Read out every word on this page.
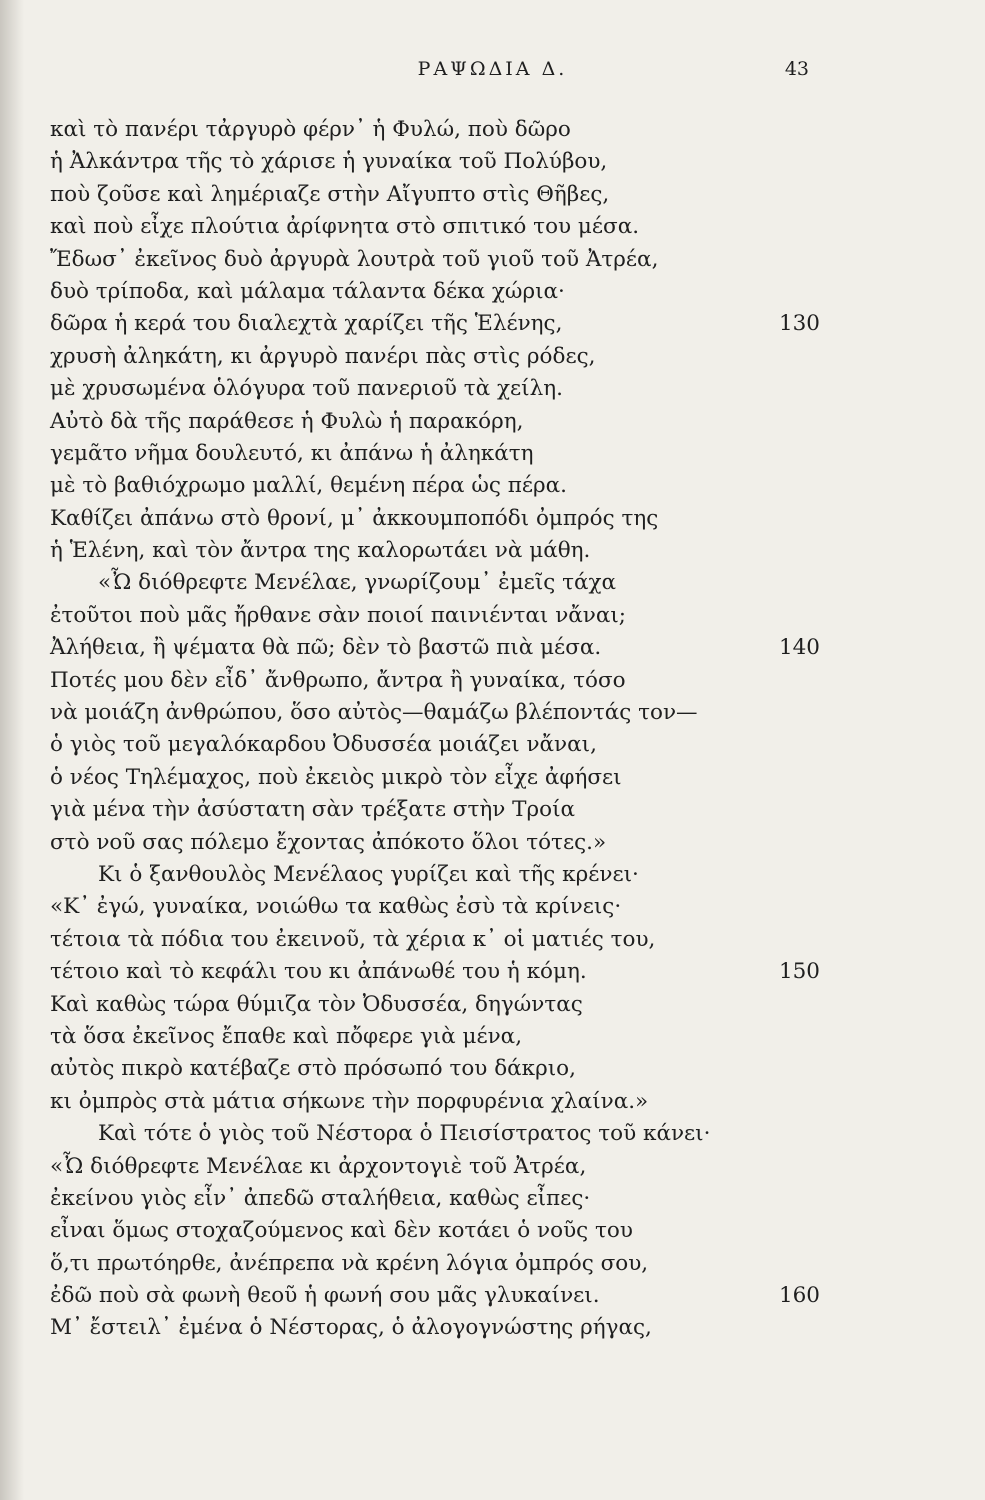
ΡΑΨΩΔΙΑ Δ.	43
καὶ τὸ πανέρι τἀργυρὸ φέρν᾽ ἡ Φυλώ, ποὺ δῶρο
ἡ Ἀλκάντρα τῆς τὸ χάρισε ἡ γυναίκα τοῦ Πολύβου,
ποὺ ζοῦσε καὶ λημέριαζε στὴν Αἴγυπτο στὶς Θῆβες,
καὶ ποὺ εἶχε πλούτια ἀρίφνητα στὸ σπιτικό του μέσα.
Ἔδωσ᾽ ἐκεῖνος δυὸ ἀργυρὰ λουτρὰ τοῦ γιοῦ τοῦ Ἀτρέα,
δυὸ τρίποδα, καὶ μάλαμα τάλαντα δέκα χώρια·
δῶρα ἡ κερά του διαλεχτὰ χαρίζει τῆς Ἑλένης,	130
χρυσὴ ἀληκάτη, κι ἀργυρὸ πανέρι πὰς στὶς ρόδες,
μὲ χρυσωμένα ὁλόγυρα τοῦ πανεριοῦ τὰ χείλη.
Αὐτὸ δὰ τῆς παράθεσε ἡ Φυλὼ ἡ παρακόρη,
γεμᾶτο νῆμα δουλευτό, κι ἀπάνω ἡ ἀληκάτη
μὲ τὸ βαθιόχρωμο μαλλί, θεμένη πέρα ὡς πέρα.
Καθίζει ἀπάνω στὸ θρονί, μ᾽ ἀκκουμποπόδι ὀμπρός της
ἡ Ἑλένη, καὶ τὸν ἄντρα της καλορωτάει νὰ μάθη.
«Ὦ διόθρεφτε Μενέλαε, γνωρίζουμ᾽ ἐμεῖς τάχα
ἐτοῦτοι ποὺ μᾶς ἤρθανε σὰν ποιοί παινιένται νἄναι;
Ἀλήθεια, ἢ ψέματα θὰ πῶ; δὲν τὸ βαστῶ πιὰ μέσα.	140
Ποτές μου δὲν εἶδ᾽ ἄνθρωπο, ἄντρα ἢ γυναίκα, τόσο
νὰ μοιάζη ἀνθρώπου, ὅσο αὐτὸς—θαμάζω βλέποντάς τον—
ὁ γιὸς τοῦ μεγαλόκαρδου Ὀδυσσέα μοιάζει νἄναι,
ὁ νέος Τηλέμαχος, ποὺ ἐκειὸς μικρὸ τὸν εἶχε ἀφήσει
γιὰ μένα τὴν ἀσύστατη σὰν τρέξατε στὴν Τροία
στὸ νοῦ σας πόλεμο ἔχοντας ἀπόκοτο ὅλοι τότες.»
Κι ὁ ξανθουλὸς Μενέλαος γυρίζει καὶ τῆς κρένει·
«Κ᾽ ἐγώ, γυναίκα, νοιώθω τα καθὼς ἐσὺ τὰ κρίνεις·
τέτοια τὰ πόδια του ἐκεινοῦ, τὰ χέρια κ᾽ οἱ ματιές του,
τέτοιο καὶ τὸ κεφάλι του κι ἀπάνωθέ του ἡ κόμη.	150
Καὶ καθὼς τώρα θύμιζα τὸν Ὀδυσσέα, δηγώντας
τὰ ὅσα ἐκεῖνος ἔπαθε καὶ πὄφερε γιὰ μένα,
αὐτὸς πικρὸ κατέβαζε στὸ πρόσωπό του δάκριο,
κι ὀμπρὸς στὰ μάτια σήκωνε τὴν πορφυρένια χλαίνα.»
Καὶ τότε ὁ γιὸς τοῦ Νέστορα ὁ Πεισίστρατος τοῦ κάνει·
«Ὦ διόθρεφτε Μενέλαε κι ἀρχοντογιὲ τοῦ Ἀτρέα,
ἐκείνου γιὸς εἶν᾽ ἀπεδῶ σταλήθεια, καθὼς εἶπες·
εἶναι ὅμως στοχαζούμενος καὶ δὲν κοτάει ὁ νοῦς του
ὅ,τι πρωτόηρθε, ἀνέπρεπα νὰ κρένη λόγια ὀμπρός σου,
ἐδῶ ποὺ σὰ φωνὴ θεοῦ ἡ φωνή σου μᾶς γλυκαίνει.	160
Μ᾽ ἔστειλ᾽ ἐμένα ὁ Νέστορας, ὁ ἀλογογνώστης ρήγας,
